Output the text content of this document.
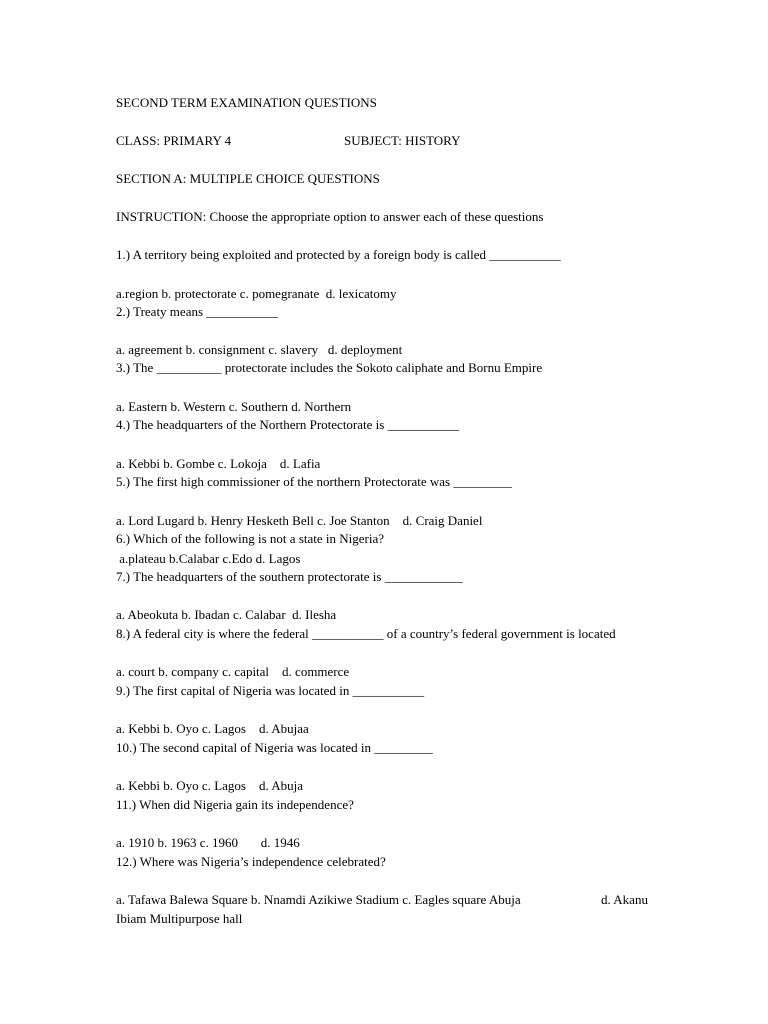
SECOND TERM EXAMINATION QUESTIONS
CLASS: PRIMARY 4	SUBJECT: HISTORY
SECTION A: MULTIPLE CHOICE QUESTIONS
INSTRUCTION: Choose the appropriate option to answer each of these questions
1.) A territory being exploited and protected by a foreign body is called ___________
a.region b. protectorate c. pomegranate  d. lexicatomy
2.) Treaty means ___________
a. agreement b. consignment c. slavery   d. deployment
3.) The __________ protectorate includes the Sokoto caliphate and Bornu Empire
a. Eastern b. Western c. Southern d. Northern
4.) The headquarters of the Northern Protectorate is ___________
a. Kebbi b. Gombe c. Lokoja    d. Lafia
5.) The first high commissioner of the northern Protectorate was _________
a. Lord Lugard b. Henry Hesketh Bell c. Joe Stanton    d. Craig Daniel
6.) Which of the following is not a state in Nigeria?
a.plateau b.Calabar c.Edo d. Lagos
7.) The headquarters of the southern protectorate is ____________
a. Abeokuta b. Ibadan c. Calabar  d. Ilesha
8.) A federal city is where the federal ___________ of a country’s federal government is located
a. court b. company c. capital    d. commerce
9.) The first capital of Nigeria was located in ___________
a. Kebbi b. Oyo c. Lagos    d. Abujaa
10.) The second capital of Nigeria was located in _________
a. Kebbi b. Oyo c. Lagos    d. Abuja
11.) When did Nigeria gain its independence?
a. 1910 b. 1963 c. 1960       d. 1946
12.) Where was Nigeria’s independence celebrated?
a. Tafawa Balewa Square b. Nnamdi Azikiwe Stadium c. Eagles square Abuja	d. Akanu
Ibiam Multipurpose hall
